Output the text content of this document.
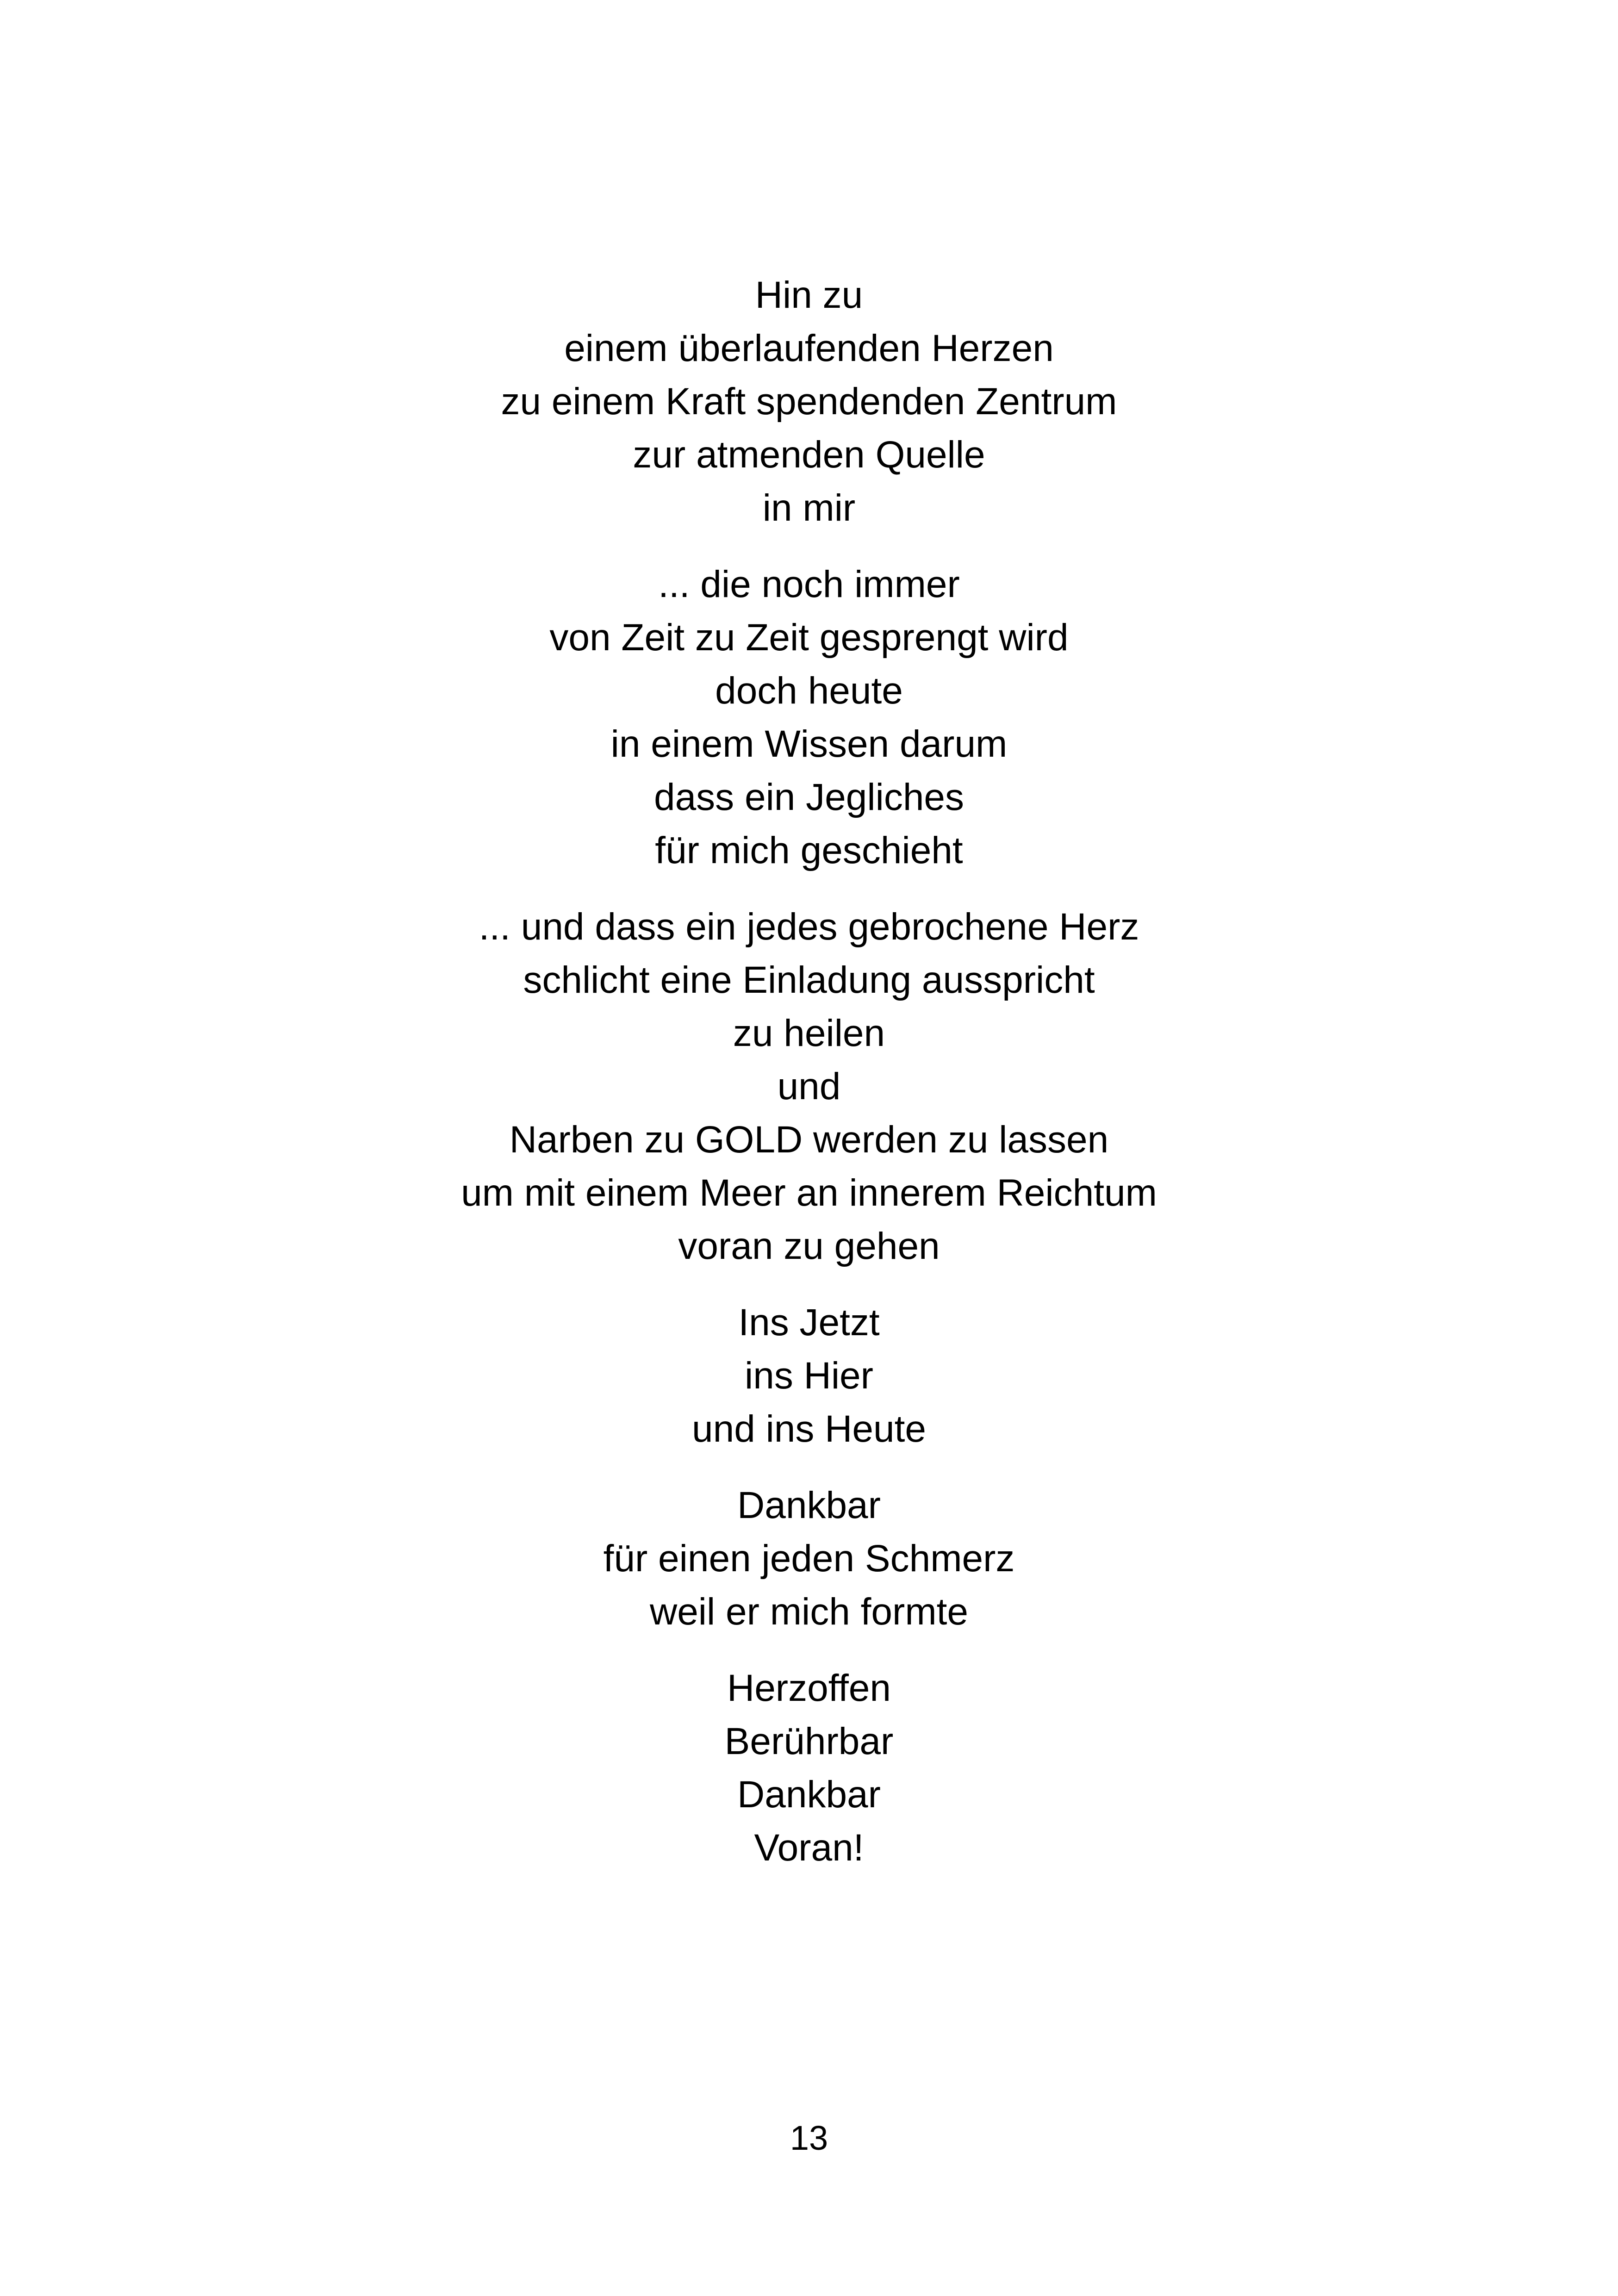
Hin zu
einem überlaufenden Herzen
zu einem Kraft spendenden Zentrum
zur atmenden Quelle
in mir
... die noch immer
von Zeit zu Zeit gesprengt wird
doch heute
in einem Wissen darum
dass ein Jegliches
für mich geschieht
... und dass ein jedes gebrochene Herz
schlicht eine Einladung ausspricht
zu heilen
und
Narben zu GOLD werden zu lassen
um mit einem Meer an innerem Reichtum
voran zu gehen
Ins Jetzt
ins Hier
und ins Heute
Dankbar
für einen jeden Schmerz
weil er mich formte
Herzoffen
Berührbar
Dankbar
Voran!
13
